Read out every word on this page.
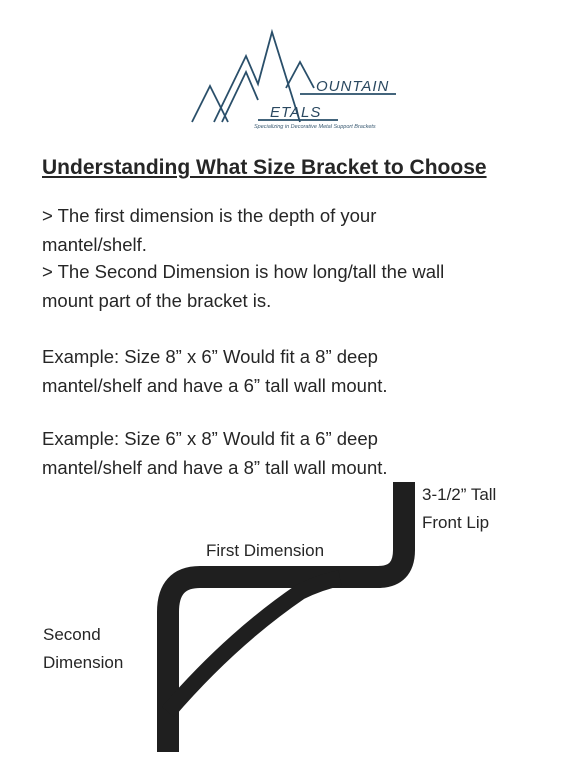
OUNTAIN
ETALS
Specializing in Decorative Metal Support Brackets
Understanding What Size Bracket to Choose
> The first dimension is the depth of your
mantel/shelf.
> The Second Dimension is how long/tall the wall
mount part of the bracket is.
Example: Size 8” x 6” Would fit a 8” deep
mantel/shelf and have a 6” tall wall mount.
Example: Size 6” x 8” Would fit a 6” deep
mantel/shelf and have a 8” tall wall mount.
First Dimension
Second
Dimension
3-1/2” Tall
Front Lip
